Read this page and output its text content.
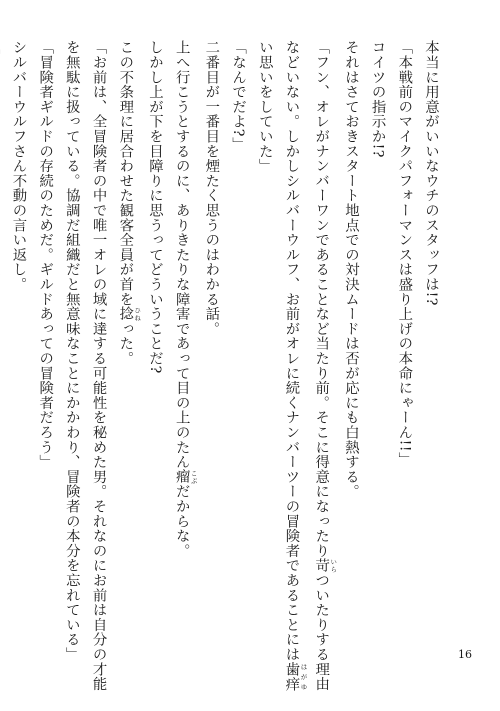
本当に用意がいいなウチのスタッフは!?

「本戦前のマイクパフォーマンスは盛り上げの本命にゃーん!!」

コイツの指示か!?

それはさておきスタート地点での対決ムードは否が応にも白熱する。

「フン、オレがナンバーワンであることなど当たり前。そこに得意になったり苛 いらついたりする理由

などいない。しかしシルバーウルフ、お前がオレに続くナンバーツーの冒険者であることには歯痒 はがゆ

い思いをしていた」

「なんでだよ?」

二番目が一番目を煙たく思うのはわかる話。

上へ行こうとするのに、ありきたりな障害であって目の上のたん瘤 こぶだからな。

しかし上が下を目障りに思うってどういうことだ?

この不条理に居合わせた観客全員が首を捻 ひねった。

「お前は、全冒険者の中で唯一オレの域に達する可能性を秘めた男。それなのにお前は自分の才能

を無駄に扱っている。協調だ組織だと無意味なことにかかわり、冒険者の本分を忘れている」

「冒険者ギルドの存続のためだ。ギルドあっての冒険者だろう」

シルバーウルフさん不動の言い返し。

16
